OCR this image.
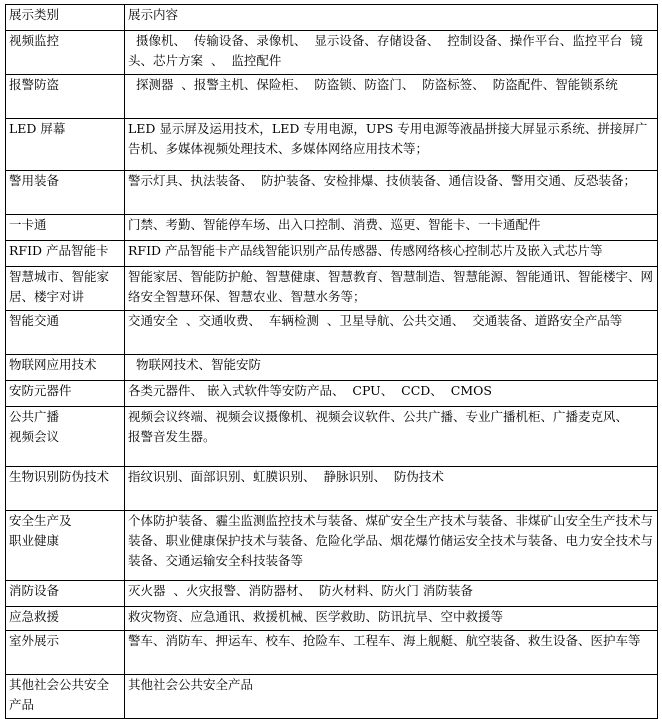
展示类别	展示内容
视频监控	摄像机、  传输设备、录像机、  显示设备、存储设备、  控制设备、操作平台、监控平台  镜头、芯片方案  、  监控配件
报警防盗	探测器  、报警主机、保险柜、  防盗锁、防盗门、  防盗标签、  防盗配件、智能锁系统
LED 屏幕	LED 显示屏及运用技术，LED 专用电源，UPS 专用电源等液晶拼接大屏显示系统、拼接屏广告机、多媒体视频处理技术、多媒体网络应用技术等；
警用装备	警示灯具、执法装备、  防护装备、安检排爆、技侦装备、通信设备、警用交通、反恐装备；
一卡通	门禁、考勤、智能停车场、出入口控制、消费、巡更、智能卡、一卡通配件
RFID 产品智能卡	RFID 产品智能卡产品线智能识别产品传感器、传感网络核心控制芯片及嵌入式芯片等
智慧城市、智能家居、楼宇对讲	智能家居、智能防护舱、智慧健康、智慧教育、智慧制造、智慧能源、智能通讯、智能楼宇、网络安全智慧环保、智慧农业、智慧水务等；
智能交通	交通安全  、交通收费、  车辆检测  、卫星导航、公共交通、  交通装备、道路安全产品等
物联网应用技术	物联网技术、智能安防
安防元器件	各类元器件、 嵌入式软件等安防产品、  CPU、  CCD、  CMOS
公共广播
视频会议	视频会议终端、视频会议摄像机、视频会议软件、公共广播、专业广播机柜、广播麦克风、
报警音发生器。
生物识别防伪技术	指纹识别、面部识别、虹膜识别、  静脉识别、  防伪技术
安全生产及
职业健康	个体防护装备、霾尘监测监控技术与装备、煤矿安全生产技术与装备、非煤矿山安全生产技术与装备、职业健康保护技术与装备、危险化学品、烟花爆竹储运安全技术与装备、电力安全技术与装备、交通运输安全科技装备等
消防设备	灭火器  、火灾报警、消防器材、  防火材料、防火门 消防装备
应急救援	救灾物资、应急通讯、救援机械、医学救助、防讯抗旱、空中救援等
室外展示	警车、消防车、押运车、校车、抢险车、工程车、海上舰艇、航空装备、救生设备、医护车等
其他社会公共安全产品	其他社会公共安全产品
